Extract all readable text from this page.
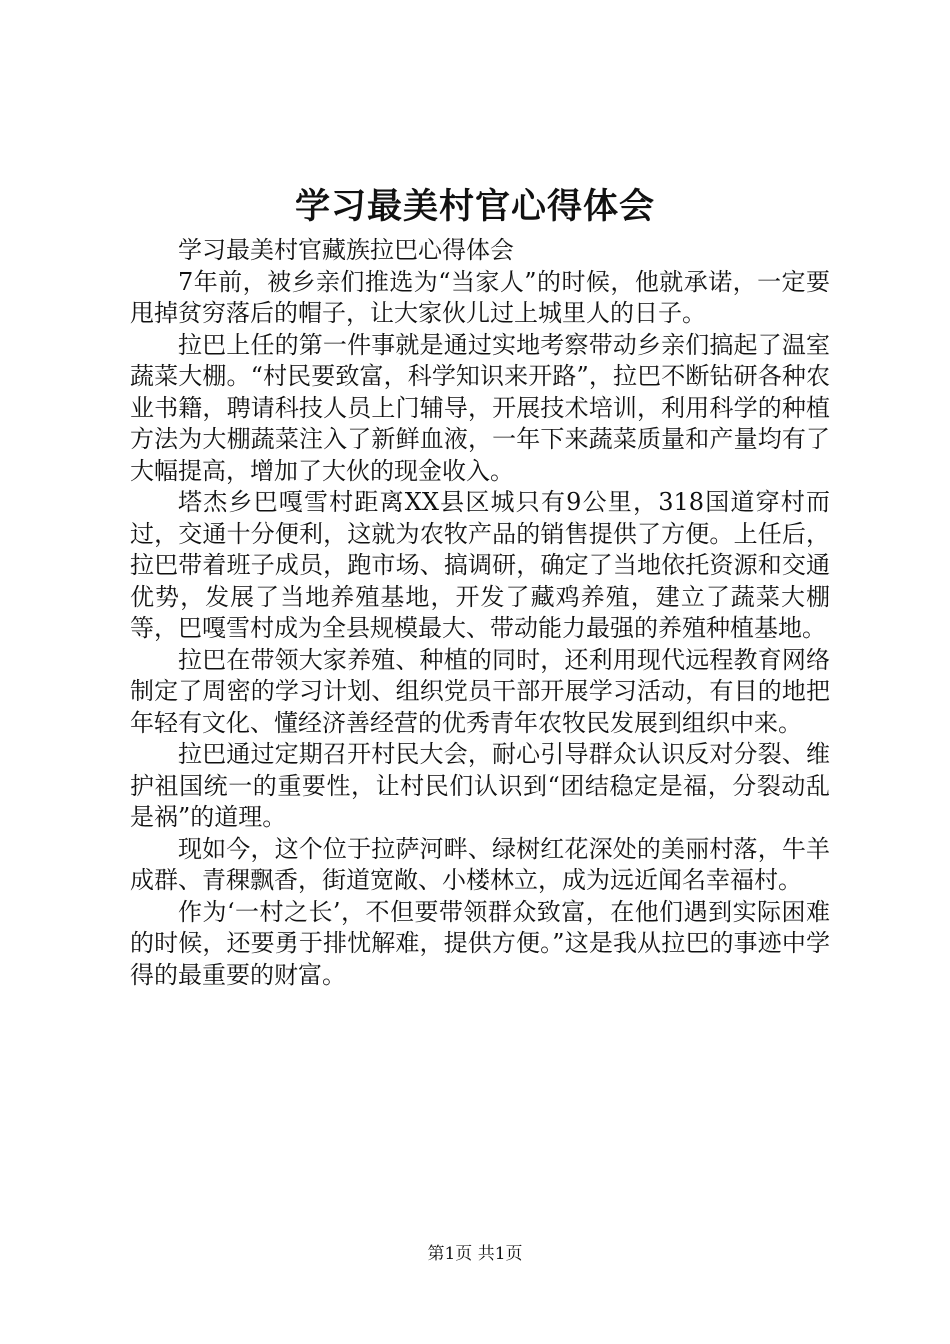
学习最美村官心得体会

学习最美村官藏族拉巴心得体会

7年前，被乡亲们推选为“当家人”的时候，他就承诺，一定要甩掉贫穷落后的帽子，让大家伙儿过上城里人的日子。

拉巴上任的第一件事就是通过实地考察带动乡亲们搞起了温室蔬菜大棚。“村民要致富，科学知识来开路”，拉巴不断钻研各种农业书籍，聘请科技人员上门辅导，开展技术培训，利用科学的种植方法为大棚蔬菜注入了新鲜血液，一年下来蔬菜质量和产量均有了大幅提高，增加了大伙的现金收入。

塔杰乡巴嘎雪村距离XX县区城只有9公里，318国道穿村而过，交通十分便利，这就为农牧产品的销售提供了方便。上任后，拉巴带着班子成员，跑市场、搞调研，确定了当地依托资源和交通优势，发展了当地养殖基地，开发了藏鸡养殖，建立了蔬菜大棚等，巴嘎雪村成为全县规模最大、带动能力最强的养殖种植基地。

拉巴在带领大家养殖、种植的同时，还利用现代远程教育网络制定了周密的学习计划、组织党员干部开展学习活动，有目的地把年轻有文化、懂经济善经营的优秀青年农牧民发展到组织中来。

拉巴通过定期召开村民大会，耐心引导群众认识反对分裂、维护祖国统一的重要性，让村民们认识到“团结稳定是福，分裂动乱是祸”的道理。

现如今，这个位于拉萨河畔、绿树红花深处的美丽村落，牛羊成群、青稞飘香，街道宽敞、小楼林立，成为远近闻名幸福村。

作为‘一村之长’，不但要带领群众致富，在他们遇到实际困难的时候，还要勇于排忧解难，提供方便。”这是我从拉巴的事迹中学得的最重要的财富。

第1页 共1页
